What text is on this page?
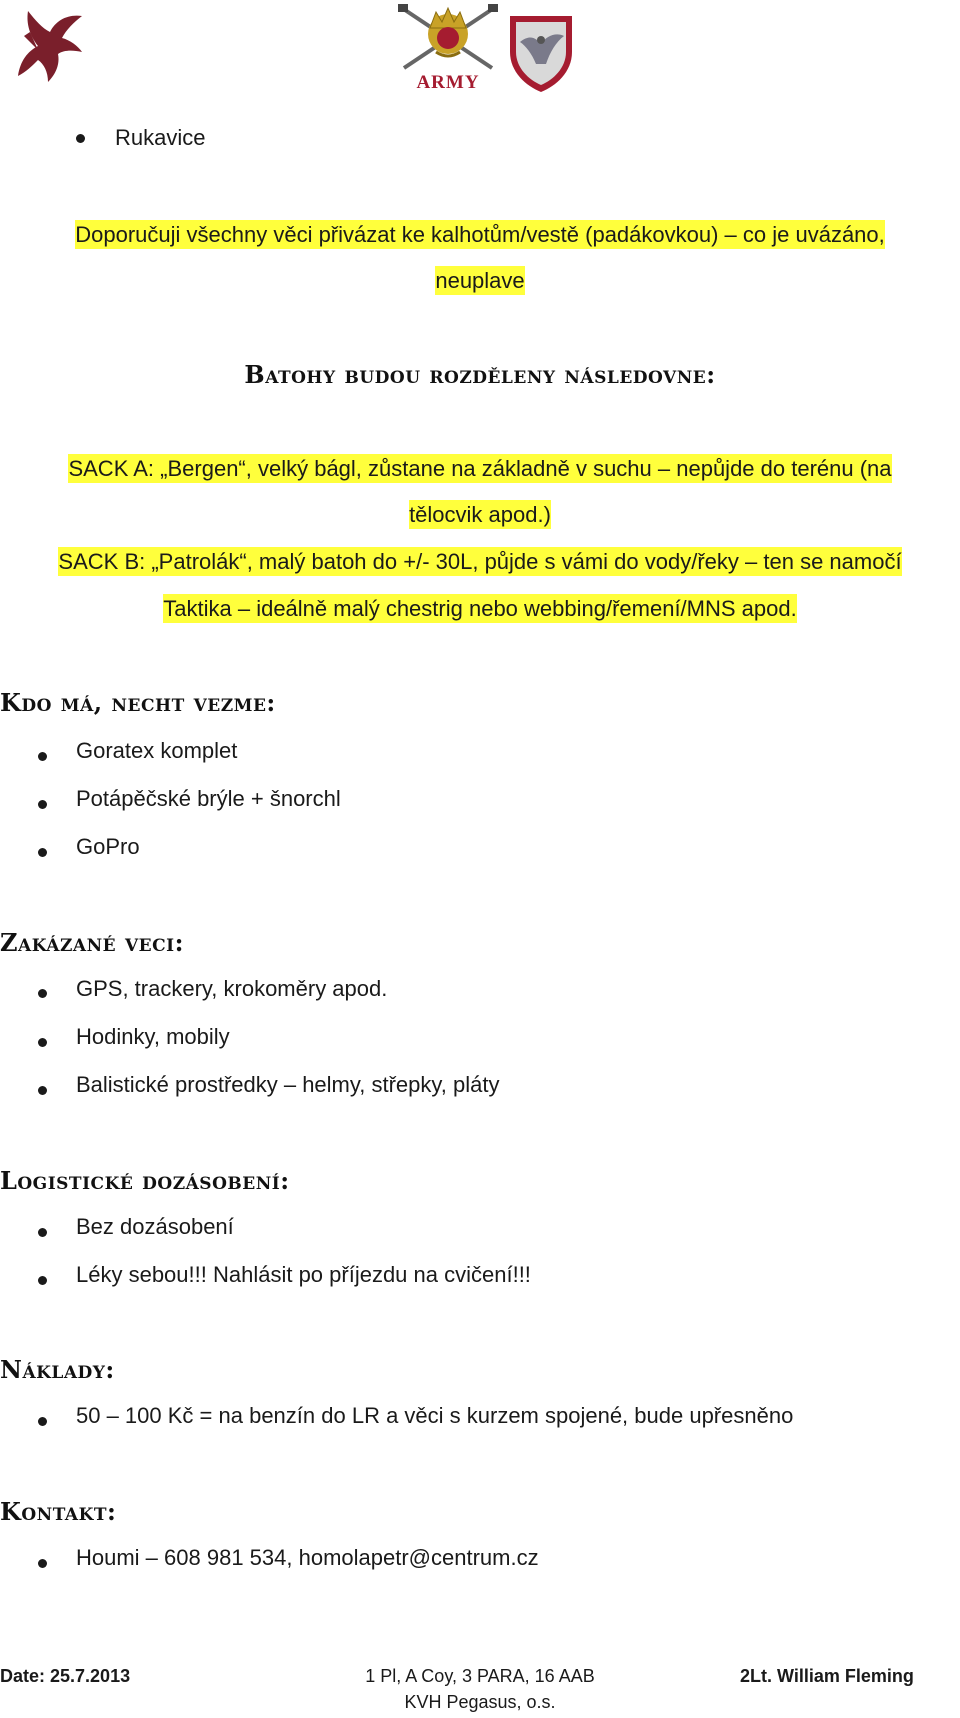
ARMY
Rukavice
Doporučuji všechny věci přivázat ke kalhotům/vestě (padákovkou) – co je uvázáno,
neuplave
Batohy budou rozděleny následovne:
SACK A: „Bergen“, velký bágl, zůstane na základně v suchu – nepůjde do terénu (na
tělocvik apod.)
SACK B: „Patrolák“, malý batoh do +/- 30L, půjde s vámi do vody/řeky – ten se namočí
Taktika – ideálně malý chestrig nebo webbing/řemení/MNS apod.
Kdo má, necht vezme:
Goratex komplet
Potápěčské brýle + šnorchl
GoPro
Zakázané veci:
GPS, trackery, krokoměry apod.
Hodinky, mobily
Balistické prostředky – helmy, střepky, pláty
Logistické dozásobení:
Bez dozásobení
Léky sebou!!! Nahlásit po příjezdu na cvičení!!!
Náklady:
50 – 100 Kč = na benzín do LR a věci s kurzem spojené, bude upřesněno
Kontakt:
Houmi – 608 981 534, homolapetr@centrum.cz
Date: 25.7.2013	1 Pl, A Coy, 3 PARA, 16 AAB
KVH Pegasus, o.s.
2Lt. William Fleming
